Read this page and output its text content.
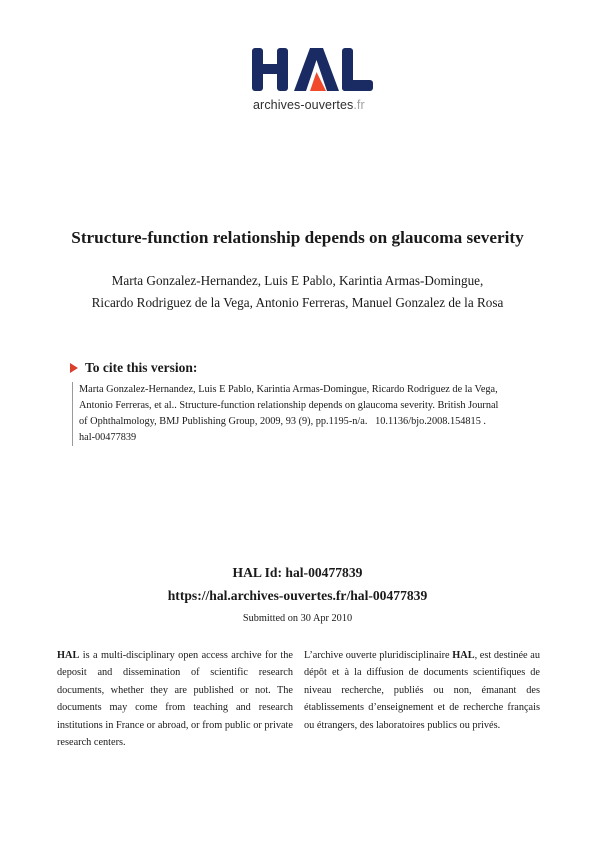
archives-ouvertes.fr
Structure-function relationship depends on glaucoma severity
Marta Gonzalez-Hernandez, Luis E Pablo, Karintia Armas-Domingue,
Ricardo Rodriguez de la Vega, Antonio Ferreras, Manuel Gonzalez de la Rosa
To cite this version:
Marta Gonzalez-Hernandez, Luis E Pablo, Karintia Armas-Domingue, Ricardo Rodriguez de la Vega,
Antonio Ferreras, et al.. Structure-function relationship depends on glaucoma severity. British Journal
of Ophthalmology, BMJ Publishing Group, 2009, 93 (9), pp.1195-n/a.   10.1136/bjo.2008.154815 .
hal-00477839
HAL Id: hal-00477839
https://hal.archives-ouvertes.fr/hal-00477839
Submitted on 30 Apr 2010
HAL is a multi-disciplinary open access archive for the deposit and dissemination of scientific research documents, whether they are published or not. The documents may come from teaching and research institutions in France or abroad, or from public or private research centers.
L’archive ouverte pluridisciplinaire HAL, est destinée au dépôt et à la diffusion de documents scientifiques de niveau recherche, publiés ou non, émanant des établissements d’enseignement et de recherche français ou étrangers, des laboratoires publics ou privés.
